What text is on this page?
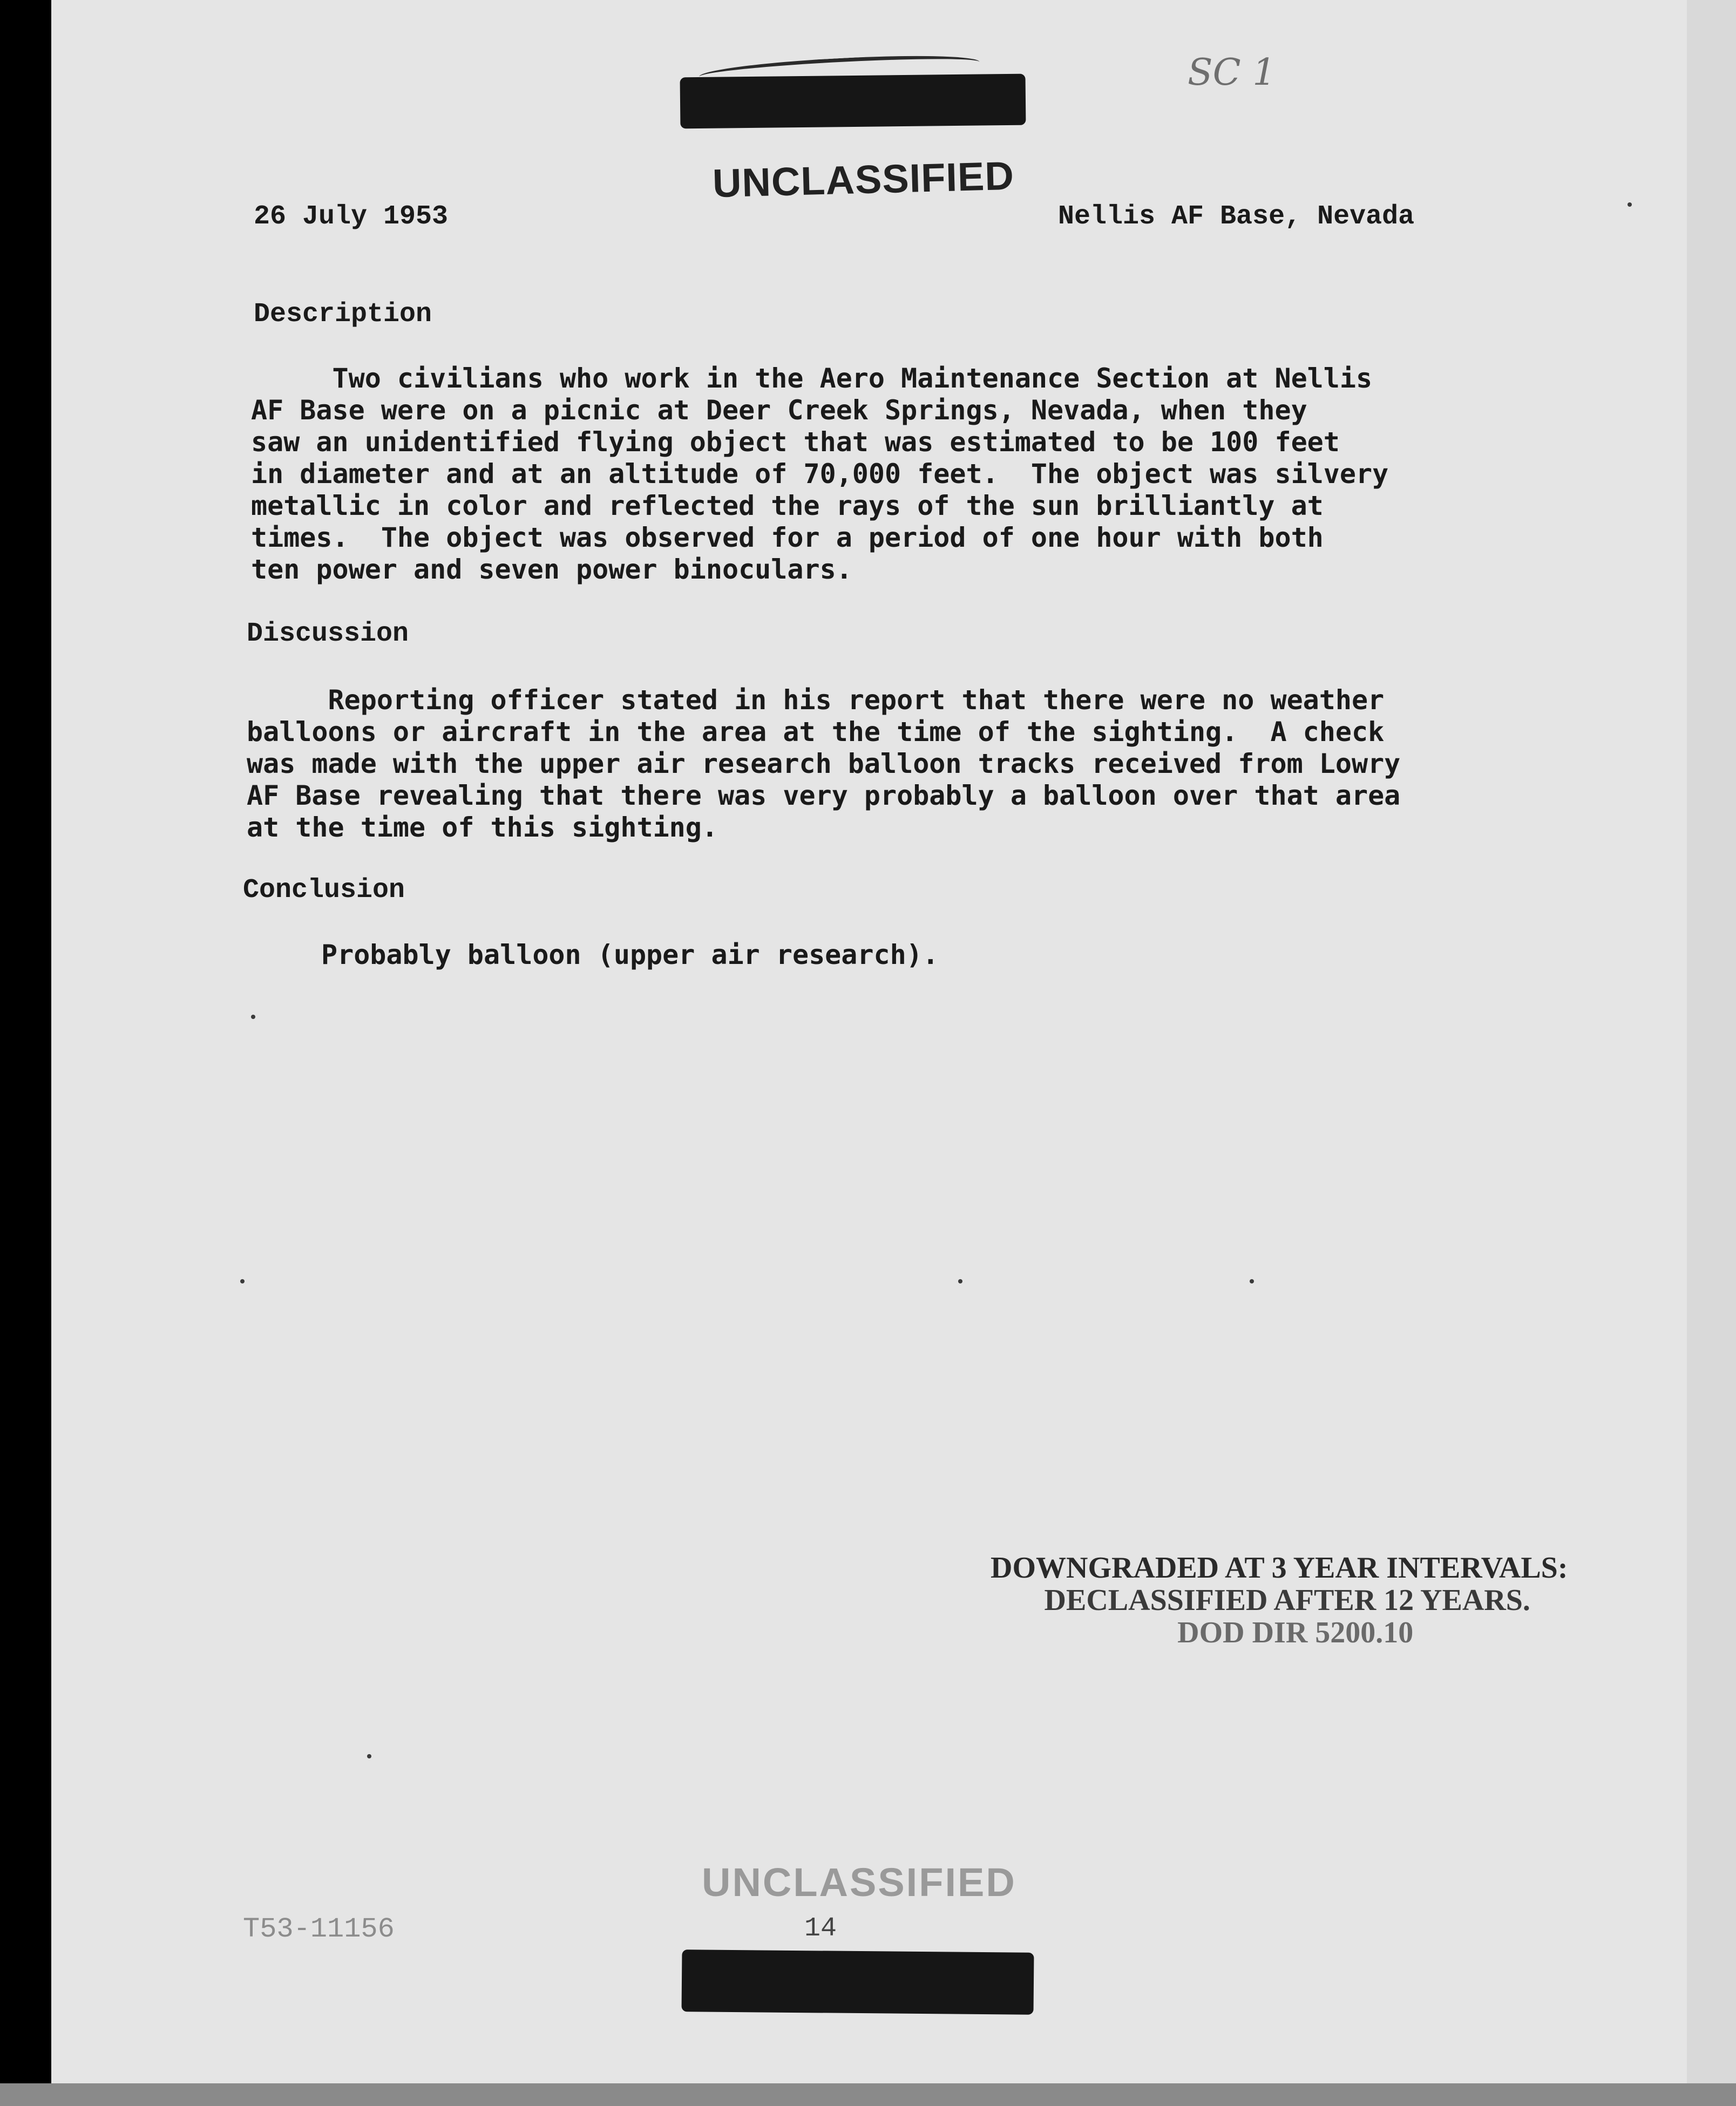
SC 1
UNCLASSIFIED
26 July 1953	Nellis AF Base, Nevada
Description
Two civilians who work in the Aero Maintenance Section at Nellis
AF Base were on a picnic at Deer Creek Springs, Nevada, when they
saw an unidentified flying object that was estimated to be 100 feet
in diameter and at an altitude of 70,000 feet.  The object was silvery
metallic in color and reflected the rays of the sun brilliantly at
times.  The object was observed for a period of one hour with both
ten power and seven power binoculars.
Discussion
Reporting officer stated in his report that there were no weather
balloons or aircraft in the area at the time of the sighting.  A check
was made with the upper air research balloon tracks received from Lowry
AF Base revealing that there was very probably a balloon over that area
at the time of this sighting.
Conclusion
Probably balloon (upper air research).
DOWNGRADED AT 3 YEAR INTERVALS:
DECLASSIFIED AFTER 12 YEARS.
DOD DIR 5200.10
UNCLASSIFIED
T53-11156	14
